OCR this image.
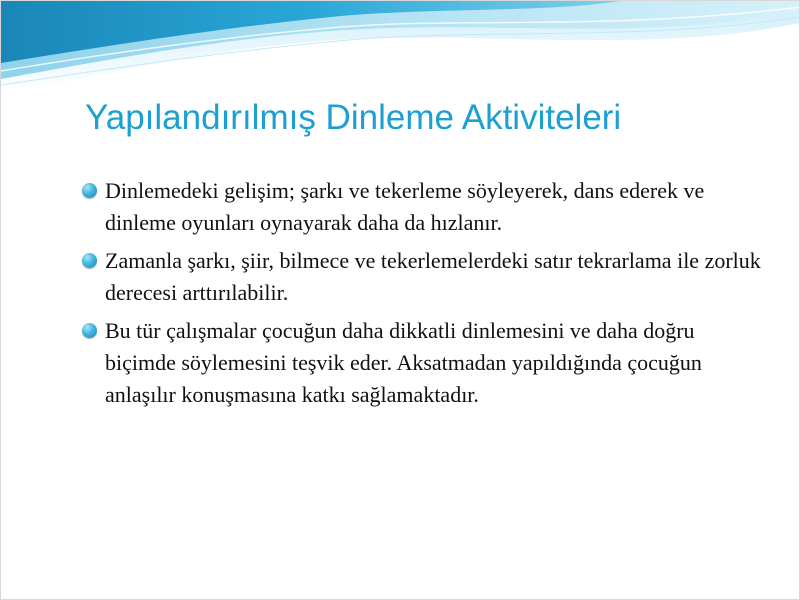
Yapılandırılmış Dinleme Aktiviteleri
Dinlemedeki gelişim; şarkı ve tekerleme söyleyerek, dans ederek ve dinleme oyunları oynayarak daha da hızlanır.
Zamanla şarkı, şiir, bilmece ve tekerlemelerdeki satır tekrarlama ile zorluk derecesi arttırılabilir.
Bu tür çalışmalar çocuğun daha dikkatli dinlemesini ve daha doğru biçimde söylemesini teşvik eder. Aksatmadan yapıldığında çocuğun anlaşılır konuşmasına katkı sağlamaktadır.
